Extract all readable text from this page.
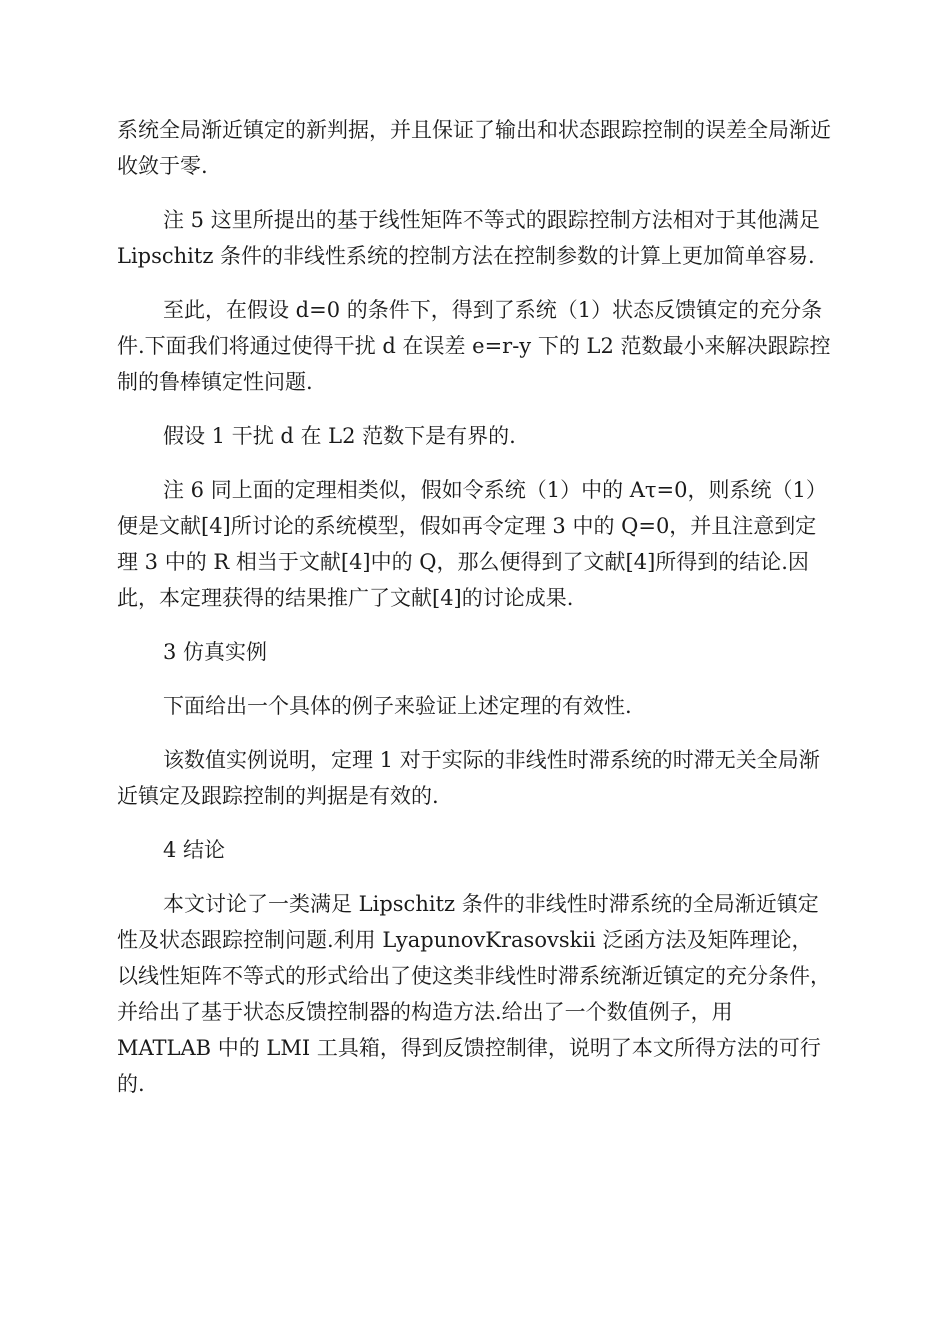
系统全局渐近镇定的新判据，并且保证了输出和状态跟踪控制的误差全局渐近收敛于零.

注 5 这里所提出的基于线性矩阵不等式的跟踪控制方法相对于其他满足 Lipschitz 条件的非线性系统的控制方法在控制参数的计算上更加简单容易.

至此，在假设 d=0 的条件下，得到了系统（1）状态反馈镇定的充分条件.下面我们将通过使得干扰 d 在误差 e=r-y 下的 L2 范数最小来解决跟踪控制的鲁棒镇定性问题.

假设 1 干扰 d 在 L2 范数下是有界的.

注 6 同上面的定理相类似，假如令系统（1）中的 Aτ=0，则系统（1）便是文献[4]所讨论的系统模型，假如再令定理 3 中的 Q=0，并且注意到定理 3 中的 R 相当于文献[4]中的 Q，那么便得到了文献[4]所得到的结论.因此，本定理获得的结果推广了文献[4]的讨论成果.

3 仿真实例

下面给出一个具体的例子来验证上述定理的有效性.

该数值实例说明，定理 1 对于实际的非线性时滞系统的时滞无关全局渐近镇定及跟踪控制的判据是有效的.

4 结论

本文讨论了一类满足 Lipschitz 条件的非线性时滞系统的全局渐近镇定性及状态跟踪控制问题.利用 LyapunovKrasovskii 泛函方法及矩阵理论，以线性矩阵不等式的形式给出了使这类非线性时滞系统渐近镇定的充分条件，并给出了基于状态反馈控制器的构造方法.给出了一个数值例子，用 MATLAB 中的 LMI 工具箱，得到反馈控制律，说明了本文所得方法的可行的.
